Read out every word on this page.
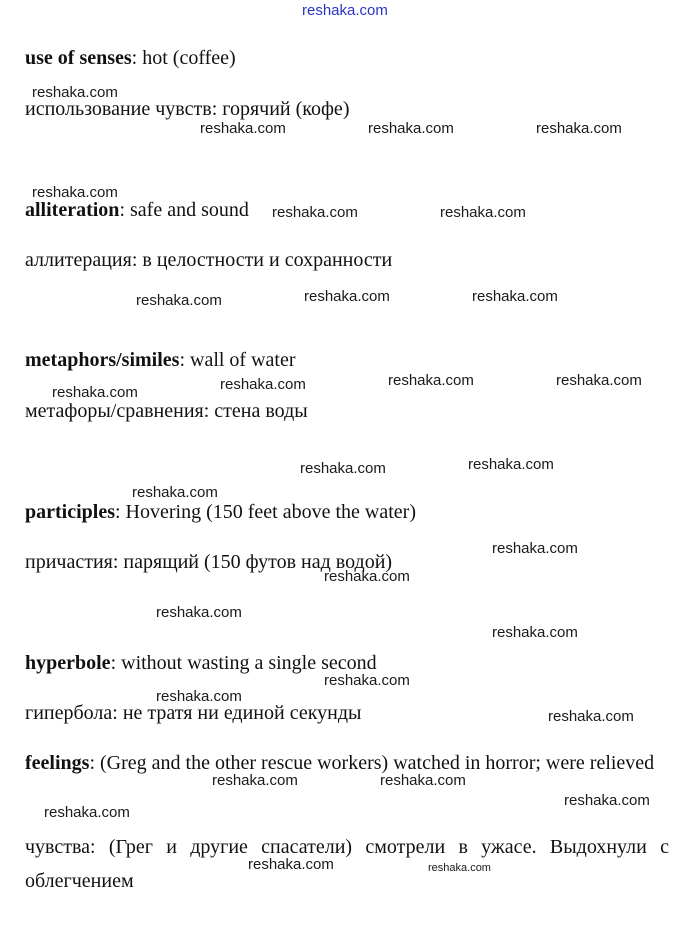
reshaka.com
use of senses: hot (coffee)
использование чувств: горячий (кофе)
alliteration: safe and sound
аллитерация: в целостности и сохранности
metaphors/similes: wall of water
метафоры/сравнения: стена воды
participles: Hovering (150 feet above the water)
причастия: парящий (150 футов над водой)
hyperbole: without wasting a single second
гипербола: не тратя ни единой секунды
feelings: (Greg and the other rescue workers) watched in horror; were relieved
чувства: (Грег и другие спасатели) смотрели в ужасе. Выдохнули с облегчением
reshaka.com
reshaka.com	reshaka.com	reshaka.com
reshaka.com
reshaka.com	reshaka.com
reshaka.com	reshaka.com	reshaka.com
reshaka.com	reshaka.com	reshaka.com
reshaka.com
reshaka.com	reshaka.com
reshaka.com
reshaka.com
reshaka.com
reshaka.com
reshaka.com
reshaka.com
reshaka.com
reshaka.com
reshaka.com	reshaka.com
reshaka.com
reshaka.com
reshaka.com	reshaka.com
